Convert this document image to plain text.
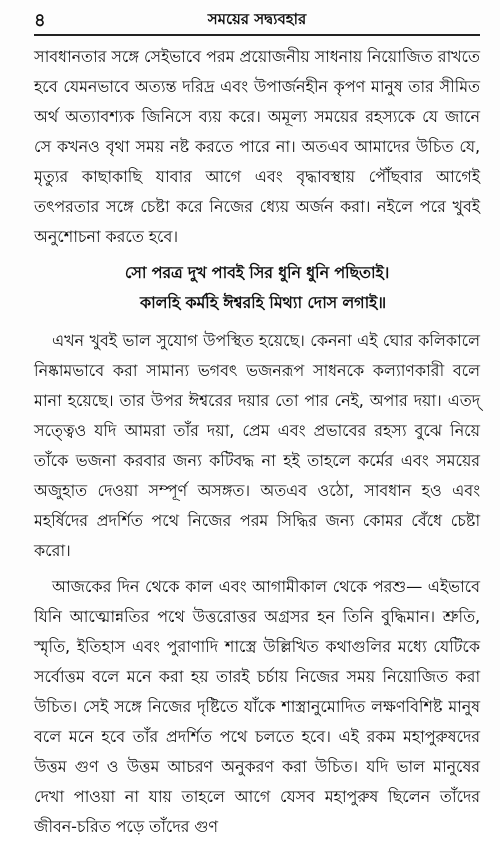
৪	সময়ের সদ্ব্যবহার

সাবধানতার সঙ্গে সেইভাবে পরম প্রয়োজনীয় সাধনায় নিয়োজিত রাখতে হবে যেমনভাবে অত্যন্ত দরিদ্র এবং উপার্জনহীন কৃপণ মানুষ তার সীমিত অর্থ অত্যাবশ্যক জিনিসে ব্যয় করে। অমূল্য সময়ের রহস্যকে যে জানে সে কখনও বৃথা সময় নষ্ট করতে পারে না। অতএব আমাদের উচিত যে, মৃত্যুর কাছাকাছি যাবার আগে এবং বৃদ্ধাবস্থায় পৌঁছবার আগেই তৎপরতার সঙ্গে চেষ্টা করে নিজের ধ্যেয় অর্জন করা। নইলে পরে খুবই অনুশোচনা করতে হবে।

সো পরত্র দুখ পাবই সির ধুনি ধুনি পছিতাই।
কালহি কর্মহি ঈশ্বরহি মিথ্যা দোস লগাই॥

এখন খুবই ভাল সুযোগ উপস্থিত হয়েছে। কেননা এই ঘোর কলিকালে নিষ্কামভাবে করা সামান্য ভগবৎ ভজনরূপ সাধনকে কল্যাণকারী বলে মানা হয়েছে। তার উপর ঈশ্বরের দয়ার তো পার নেই, অপার দয়া। এতদ্ সত্ত্বেও যদি আমরা তাঁর দয়া, প্রেম এবং প্রভাবের রহস্য বুঝে নিয়ে তাঁকে ভজনা করবার জন্য কটিবদ্ধ না হই তাহলে কর্মের এবং সময়ের অজুহাত দেওয়া সম্পূর্ণ অসঙ্গত। অতএব ওঠো, সাবধান হও এবং মহর্ষিদের প্রদর্শিত পথে নিজের পরম সিদ্ধির জন্য কোমর বেঁধে চেষ্টা করো।

আজকের দিন থেকে কাল এবং আগামীকাল থেকে পরশু— এইভাবে যিনি আত্মোন্নতির পথে উত্তরোত্তর অগ্রসর হন তিনি বুদ্ধিমান। শ্রুতি, স্মৃতি, ইতিহাস এবং পুরাণাদি শাস্ত্রে উল্লিখিত কথাগুলির মধ্যে যেটিকে সর্বোত্তম বলে মনে করা হয় তারই চর্চায় নিজের সময় নিয়োজিত করা উচিত। সেই সঙ্গে নিজের দৃষ্টিতে যাঁকে শাস্ত্রানুমোদিত লক্ষণবিশিষ্ট মানুষ বলে মনে হবে তাঁর প্রদর্শিত পথে চলতে হবে। এই রকম মহাপুরুষদের উত্তম গুণ ও উত্তম আচরণ অনুকরণ করা উচিত। যদি ভাল মানুষের দেখা পাওয়া না যায় তাহলে আগে যেসব মহাপুরুষ ছিলেন তাঁদের জীবন-চরিত পড়ে তাঁদের গুণ
